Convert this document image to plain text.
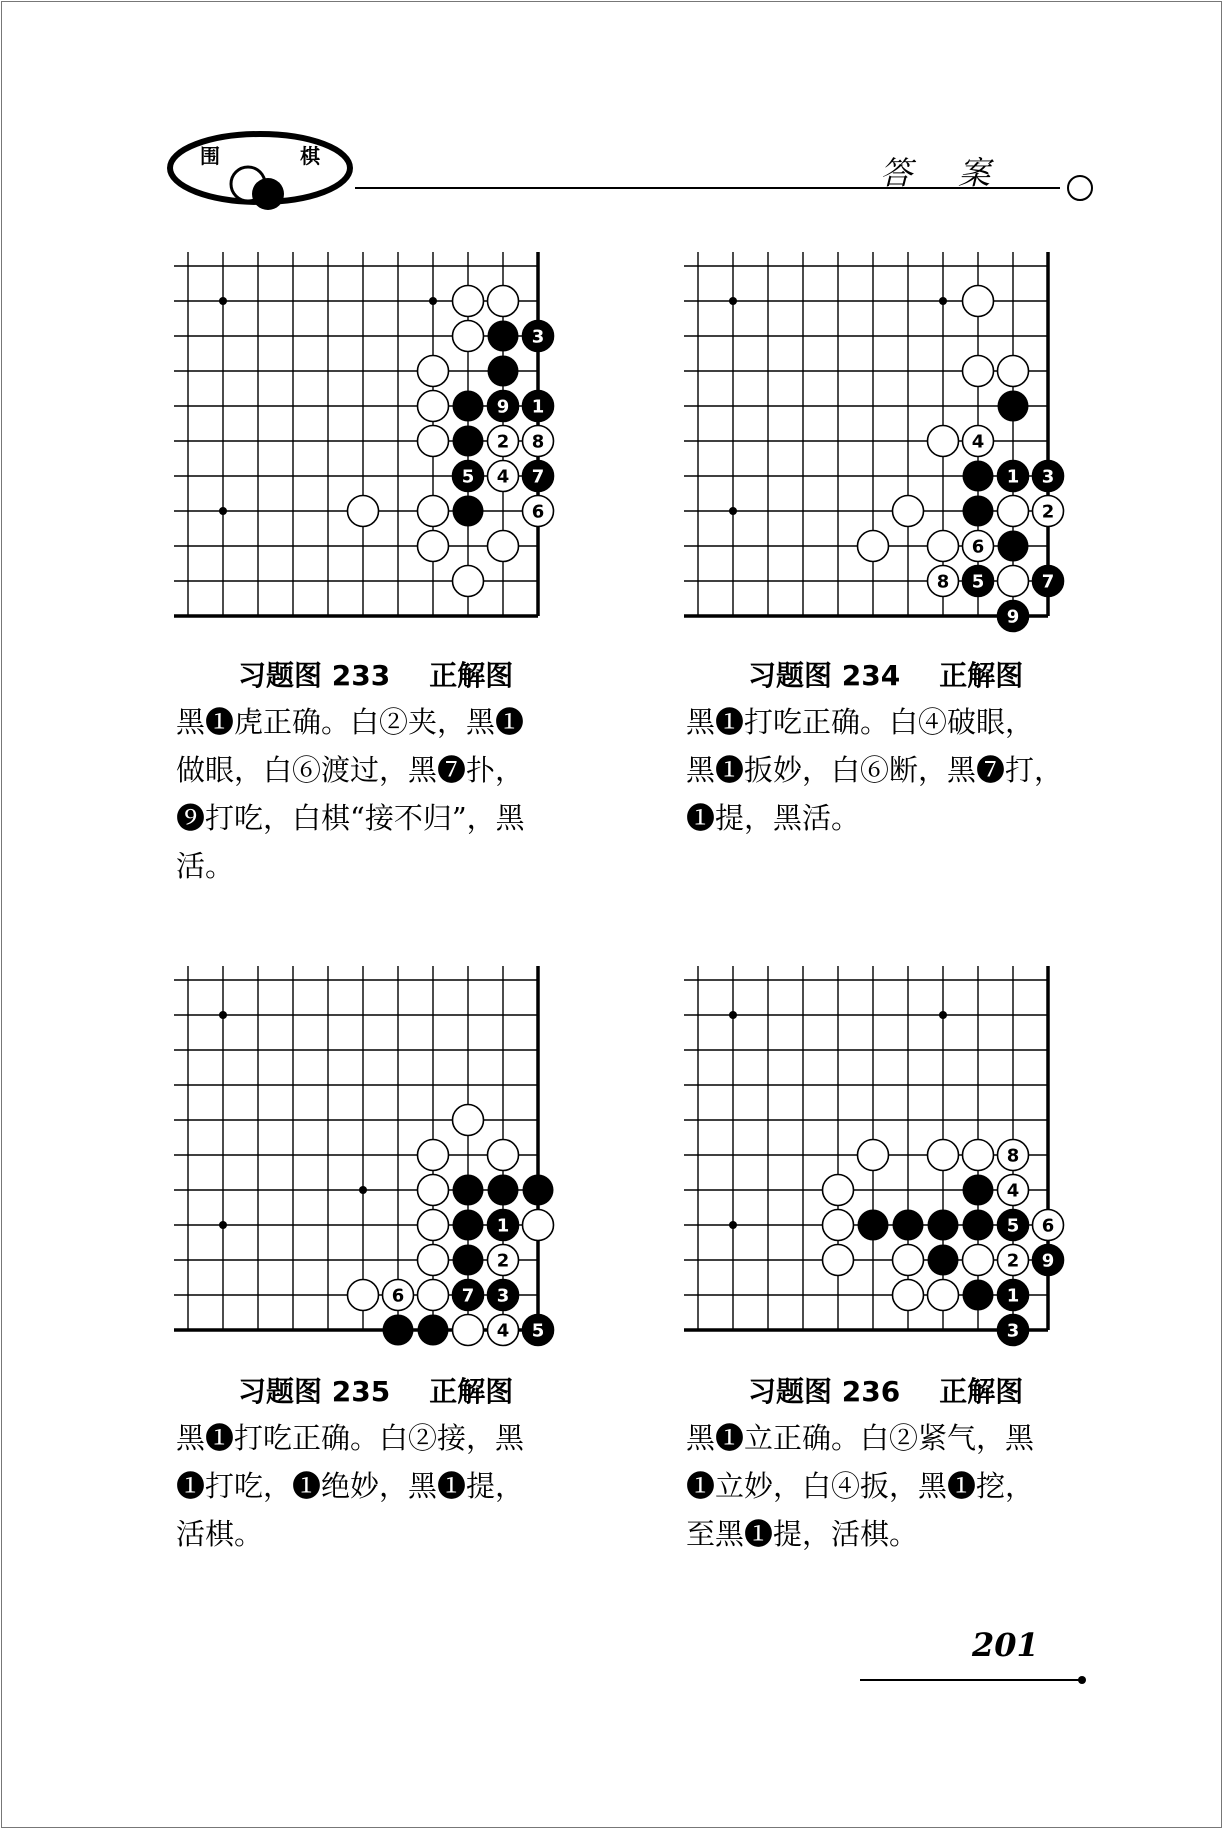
围	棋	答 案
3
1
9
2 8
5 4 7
6
习题图 233    正解图
黑❶虎正确。白②夹，黑❶
做眼，白⑥渡过，黑❼扑，
❾打吃，白棋“接不归”，黑
活。
4
1 3
2
6
8 5	7
9
习题图 234    正解图
黑❶打吃正确。白④破眼，
黑❶扳妙，白⑥断，黑❼打，
❶提，黑活。
1
2
6	7 3
4 5
习题图 235    正解图
黑❶打吃正确。白②接，黑
❶打吃，❶绝妙，黑❶提，
活棋。
8
4
5 6
2 9
1
3
习题图 236    正解图
黑❶立正确。白②紧气，黑
❶立妙，白④扳，黑❶挖，
至黑❶提，活棋。
201
